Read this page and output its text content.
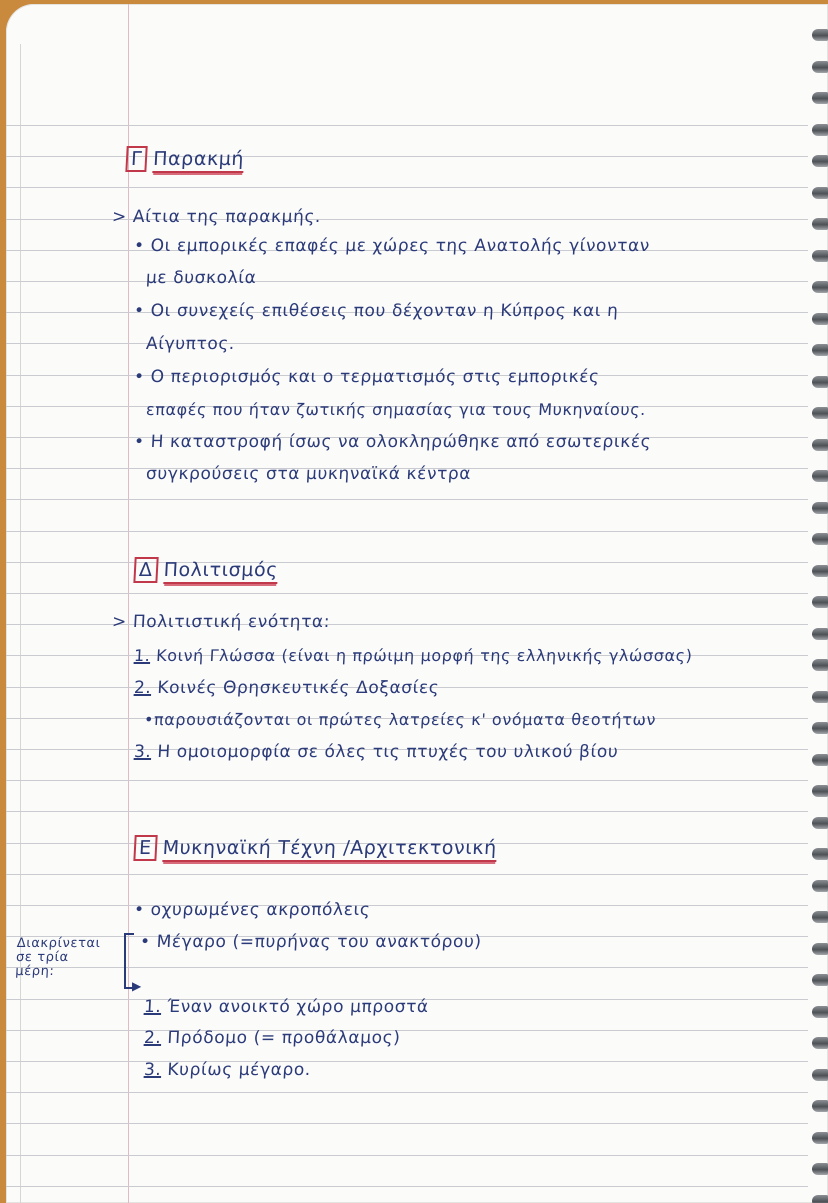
Γ Παρακμή
> Αίτια της παρακμής.
• Οι εμπορικές επαφές με χώρες της Ανατολής γίνονταν
με δυσκολία
• Οι συνεχείς επιθέσεις που δέχονταν η Κύπρος και η
Αίγυπτος.
• Ο περιορισμός και ο τερματισμός στις εμπορικές
επαφές που ήταν ζωτικής σημασίας για τους Μυκηναίους.
• Η καταστροφή ίσως να ολοκληρώθηκε από εσωτερικές
συγκρούσεις στα μυκηναϊκά κέντρα
Δ Πολιτισμός
> Πολιτιστική ενότητα:
1. Κοινή Γλώσσα (είναι η πρώιμη μορφή της ελληνικής γλώσσας)
2. Κοινές Θρησκευτικές Δοξασίες
•παρουσιάζονται οι πρώτες λατρείες κ' ονόματα θεοτήτων
3. Η ομοιομορφία σε όλες τις πτυχές του υλικού βίου
Ε Μυκηναϊκή Τέχνη /Αρχιτεκτονική
• οχυρωμένες ακροπόλεις
• Μέγαρο (=πυρήνας του ανακτόρου)
Διακρίνεται
σε τρία
μέρη:
▶
1. Έναν ανοικτό χώρο μπροστά
2. Πρόδομο (= προθάλαμος)
3. Κυρίως μέγαρο.
